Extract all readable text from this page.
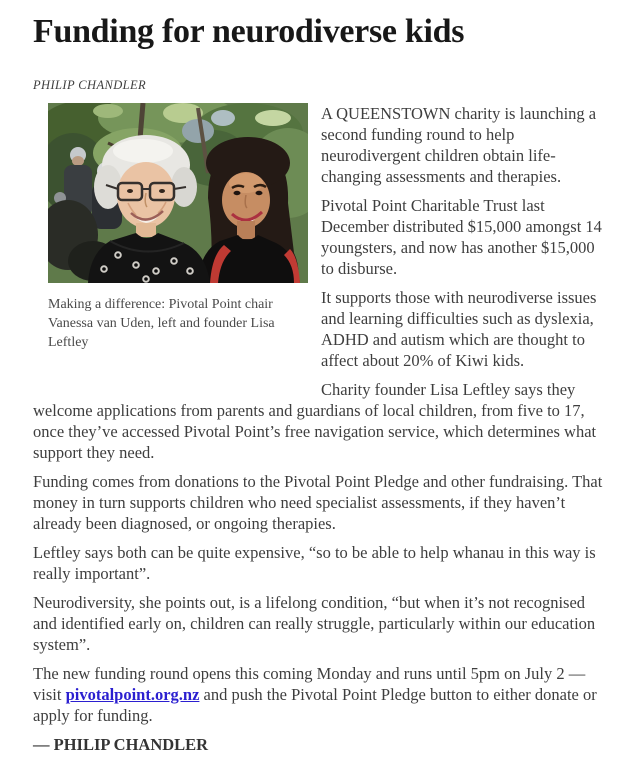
Funding for neurodiverse kids
PHILIP CHANDLER
Making a difference: Pivotal Point chair Vanessa van Uden, left and founder Lisa Leftley

A QUEENSTOWN charity is launching a second funding round to help neurodivergent children obtain life-changing assessments and therapies.

Pivotal Point Charitable Trust last December distributed $15,000 amongst 14 youngsters, and now has another $15,000 to disburse.

It supports those with neurodiverse issues and learning difficulties such as dyslexia, ADHD and autism which are thought to affect about 20% of Kiwi kids.

Charity founder Lisa Leftley says they welcome applications from parents and guardians of local children, from five to 17, once they’ve accessed Pivotal Point’s free navigation service, which determines what support they need.

Funding comes from donations to the Pivotal Point Pledge and other fundraising. That money in turn supports children who need specialist assessments, if they haven’t already been diagnosed, or ongoing therapies.

Leftley says both can be quite expensive, “so to be able to help whanau in this way is really important”.

Neurodiversity, she points out, is a lifelong condition, “but when it’s not recognised and identified early on, children can really struggle, particularly within our education system”.

The new funding round opens this coming Monday and runs until 5pm on July 2 — visit pivotalpoint.org.nz and push the Pivotal Point Pledge button to either donate or apply for funding.

— PHILIP CHANDLER
